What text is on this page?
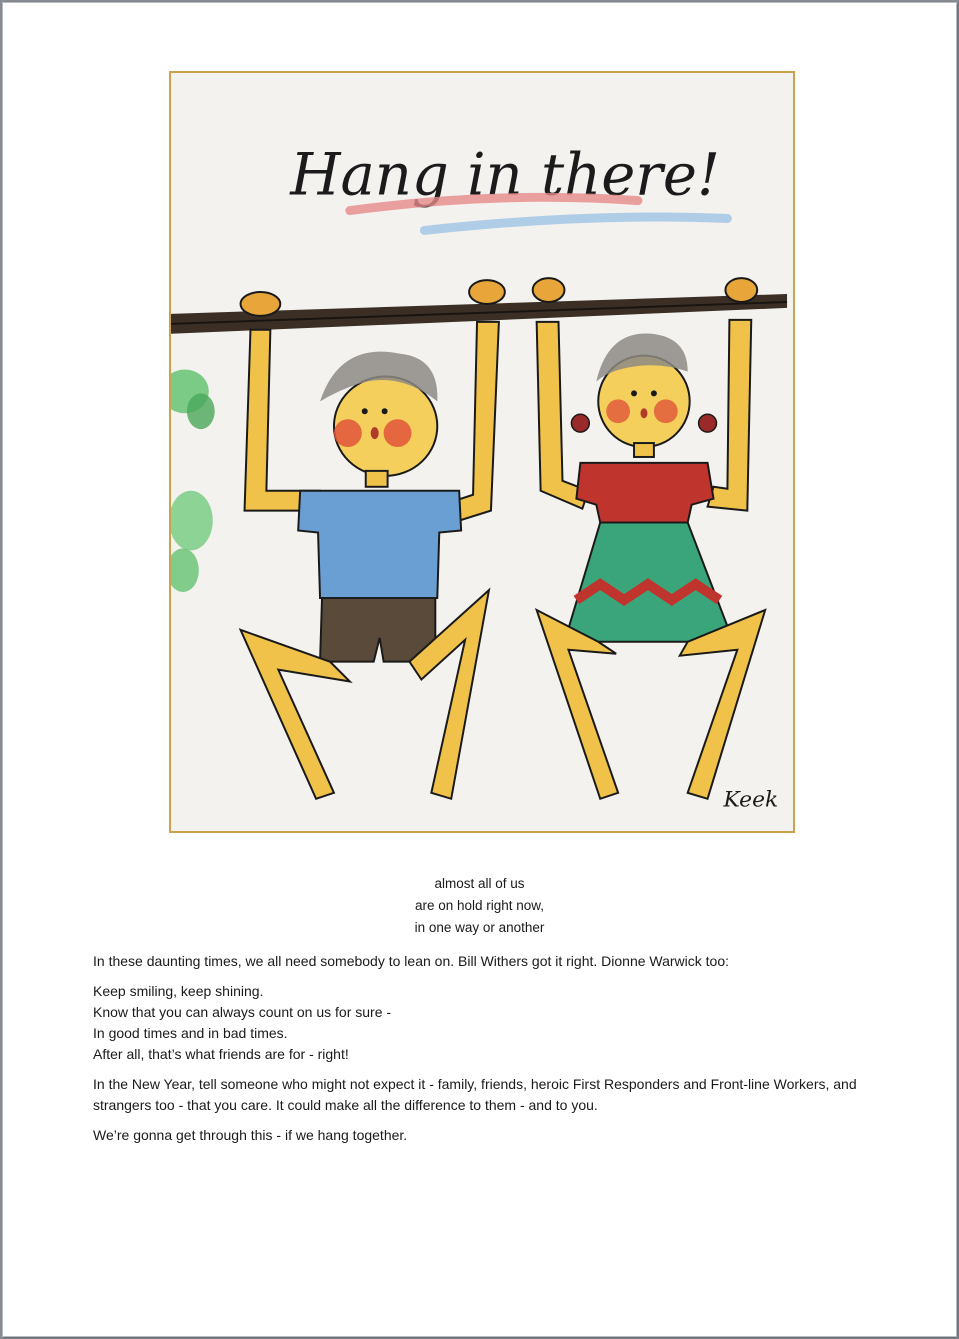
Hang in there!
Keek
almost all of us
are on hold right now,
in one way or another

In these daunting times, we all need somebody to lean on. Bill Withers got it right. Dionne Warwick too:

Keep smiling, keep shining.

Know that you can always count on us for sure -

In good times and in bad times.

After all, that’s what friends are for - right!

In the New Year, tell someone who might not expect it - family, friends, heroic First Responders and Front-line Workers, and strangers too - that you care. It could make all the difference to them - and to you.

We’re gonna get through this - if we hang together.
